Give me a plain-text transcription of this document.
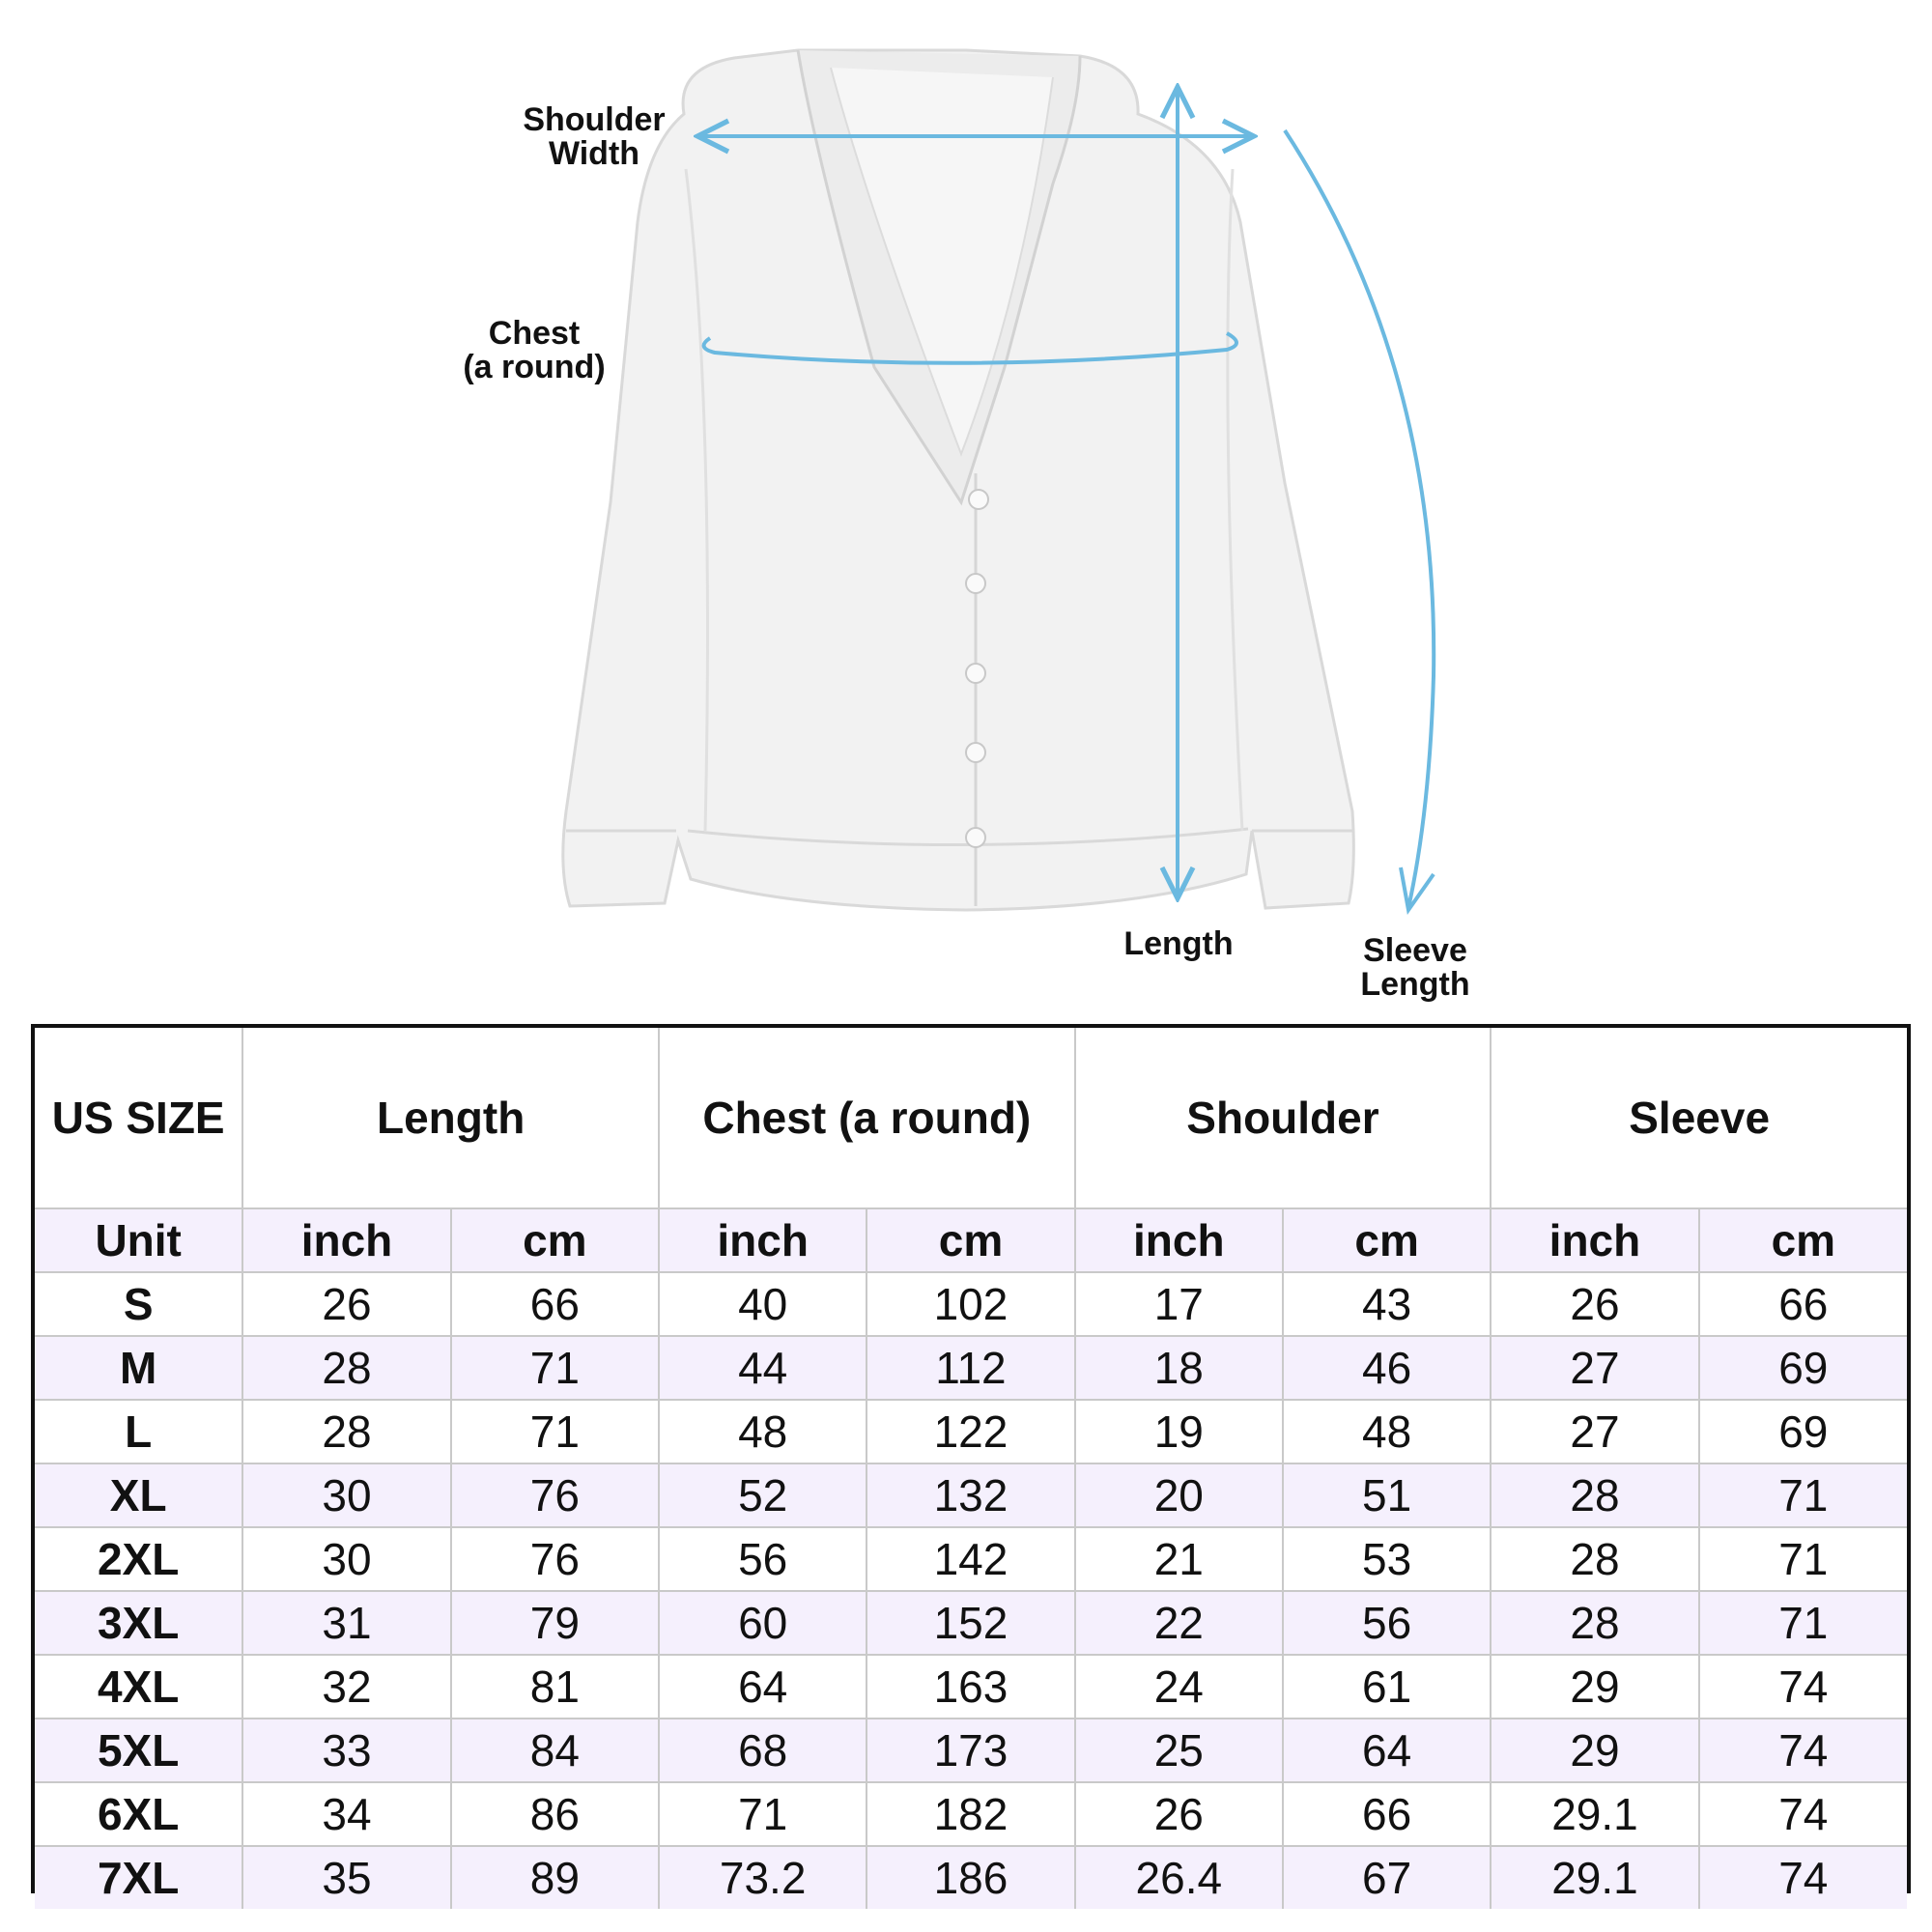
Shoulder
Width
Chest
(a round)
Length	Sleeve
Length
US SIZE	Length		Chest (a round)		Shoulder		Sleeve	
Unit	inch	cm	inch	cm	inch	cm	inch	cm
S	26	66	40	102	17	43	26	66
M	28	71	44	112	18	46	27	69
L	28	71	48	122	19	48	27	69
XL	30	76	52	132	20	51	28	71
2XL	30	76	56	142	21	53	28	71
3XL	31	79	60	152	22	56	28	71
4XL	32	81	64	163	24	61	29	74
5XL	33	84	68	173	25	64	29	74
6XL	34	86	71	182	26	66	29.1	74
7XL	35	89	73.2	186	26.4	67	29.1	74
